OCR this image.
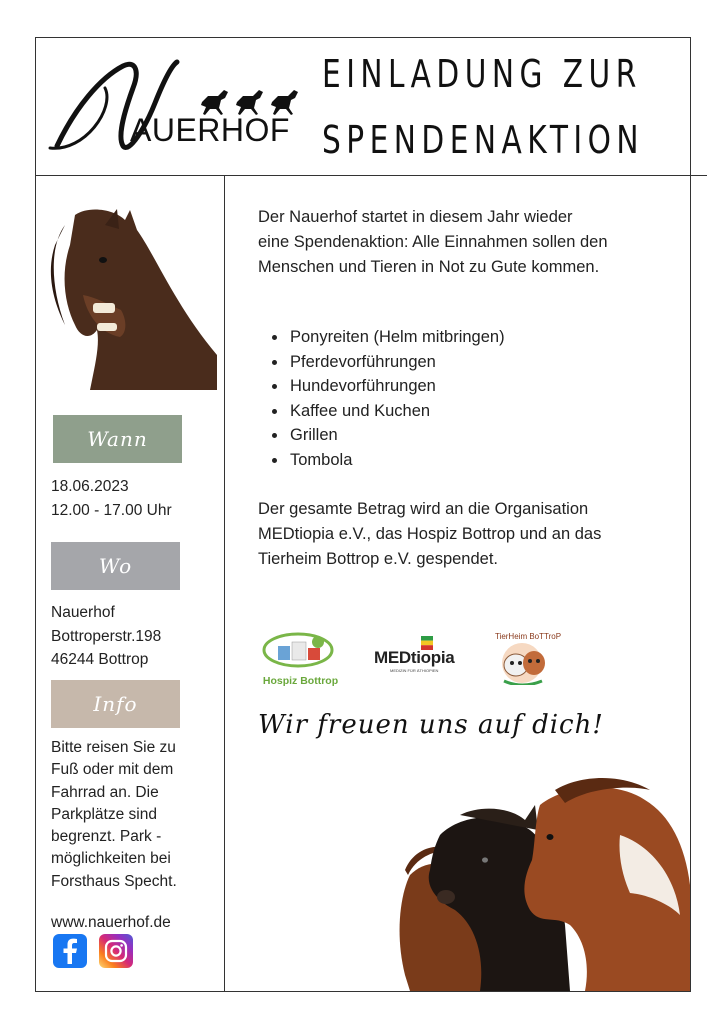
AUERHOF
EINLADUNG ZUR
SPENDENAKTION
Wann
18.06.2023
12.00 - 17.00 Uhr
Wo
Nauerhof
Bottroperstr.198
46244 Bottrop
Info
Bitte reisen Sie zu
Fuß oder mit dem
Fahrrad an. Die
Parkplätze sind
begrenzt. Park -
möglichkeiten bei
Forsthaus Specht.
www.nauerhof.de
Der Nauerhof startet in diesem Jahr wieder eine Spendenaktion: Alle Einnahmen sollen den Menschen und Tieren in Not zu Gute kommen.
• Ponyreiten (Helm mitbringen)
• Pferdevorführungen
• Hundevorführungen
• Kaffee und Kuchen
• Grillen
• Tombola
Der gesamte Betrag wird an die Organisation MEDtiopia e.V., das Hospiz Bottrop und an das Tierheim Bottrop e.V. gespendet.
Hospiz Bottrop
MEDtiopia
MEDIZIN FÜR ÄTHIOPIEN
TierHeim BoTTroP
Wir freuen uns auf dich!
